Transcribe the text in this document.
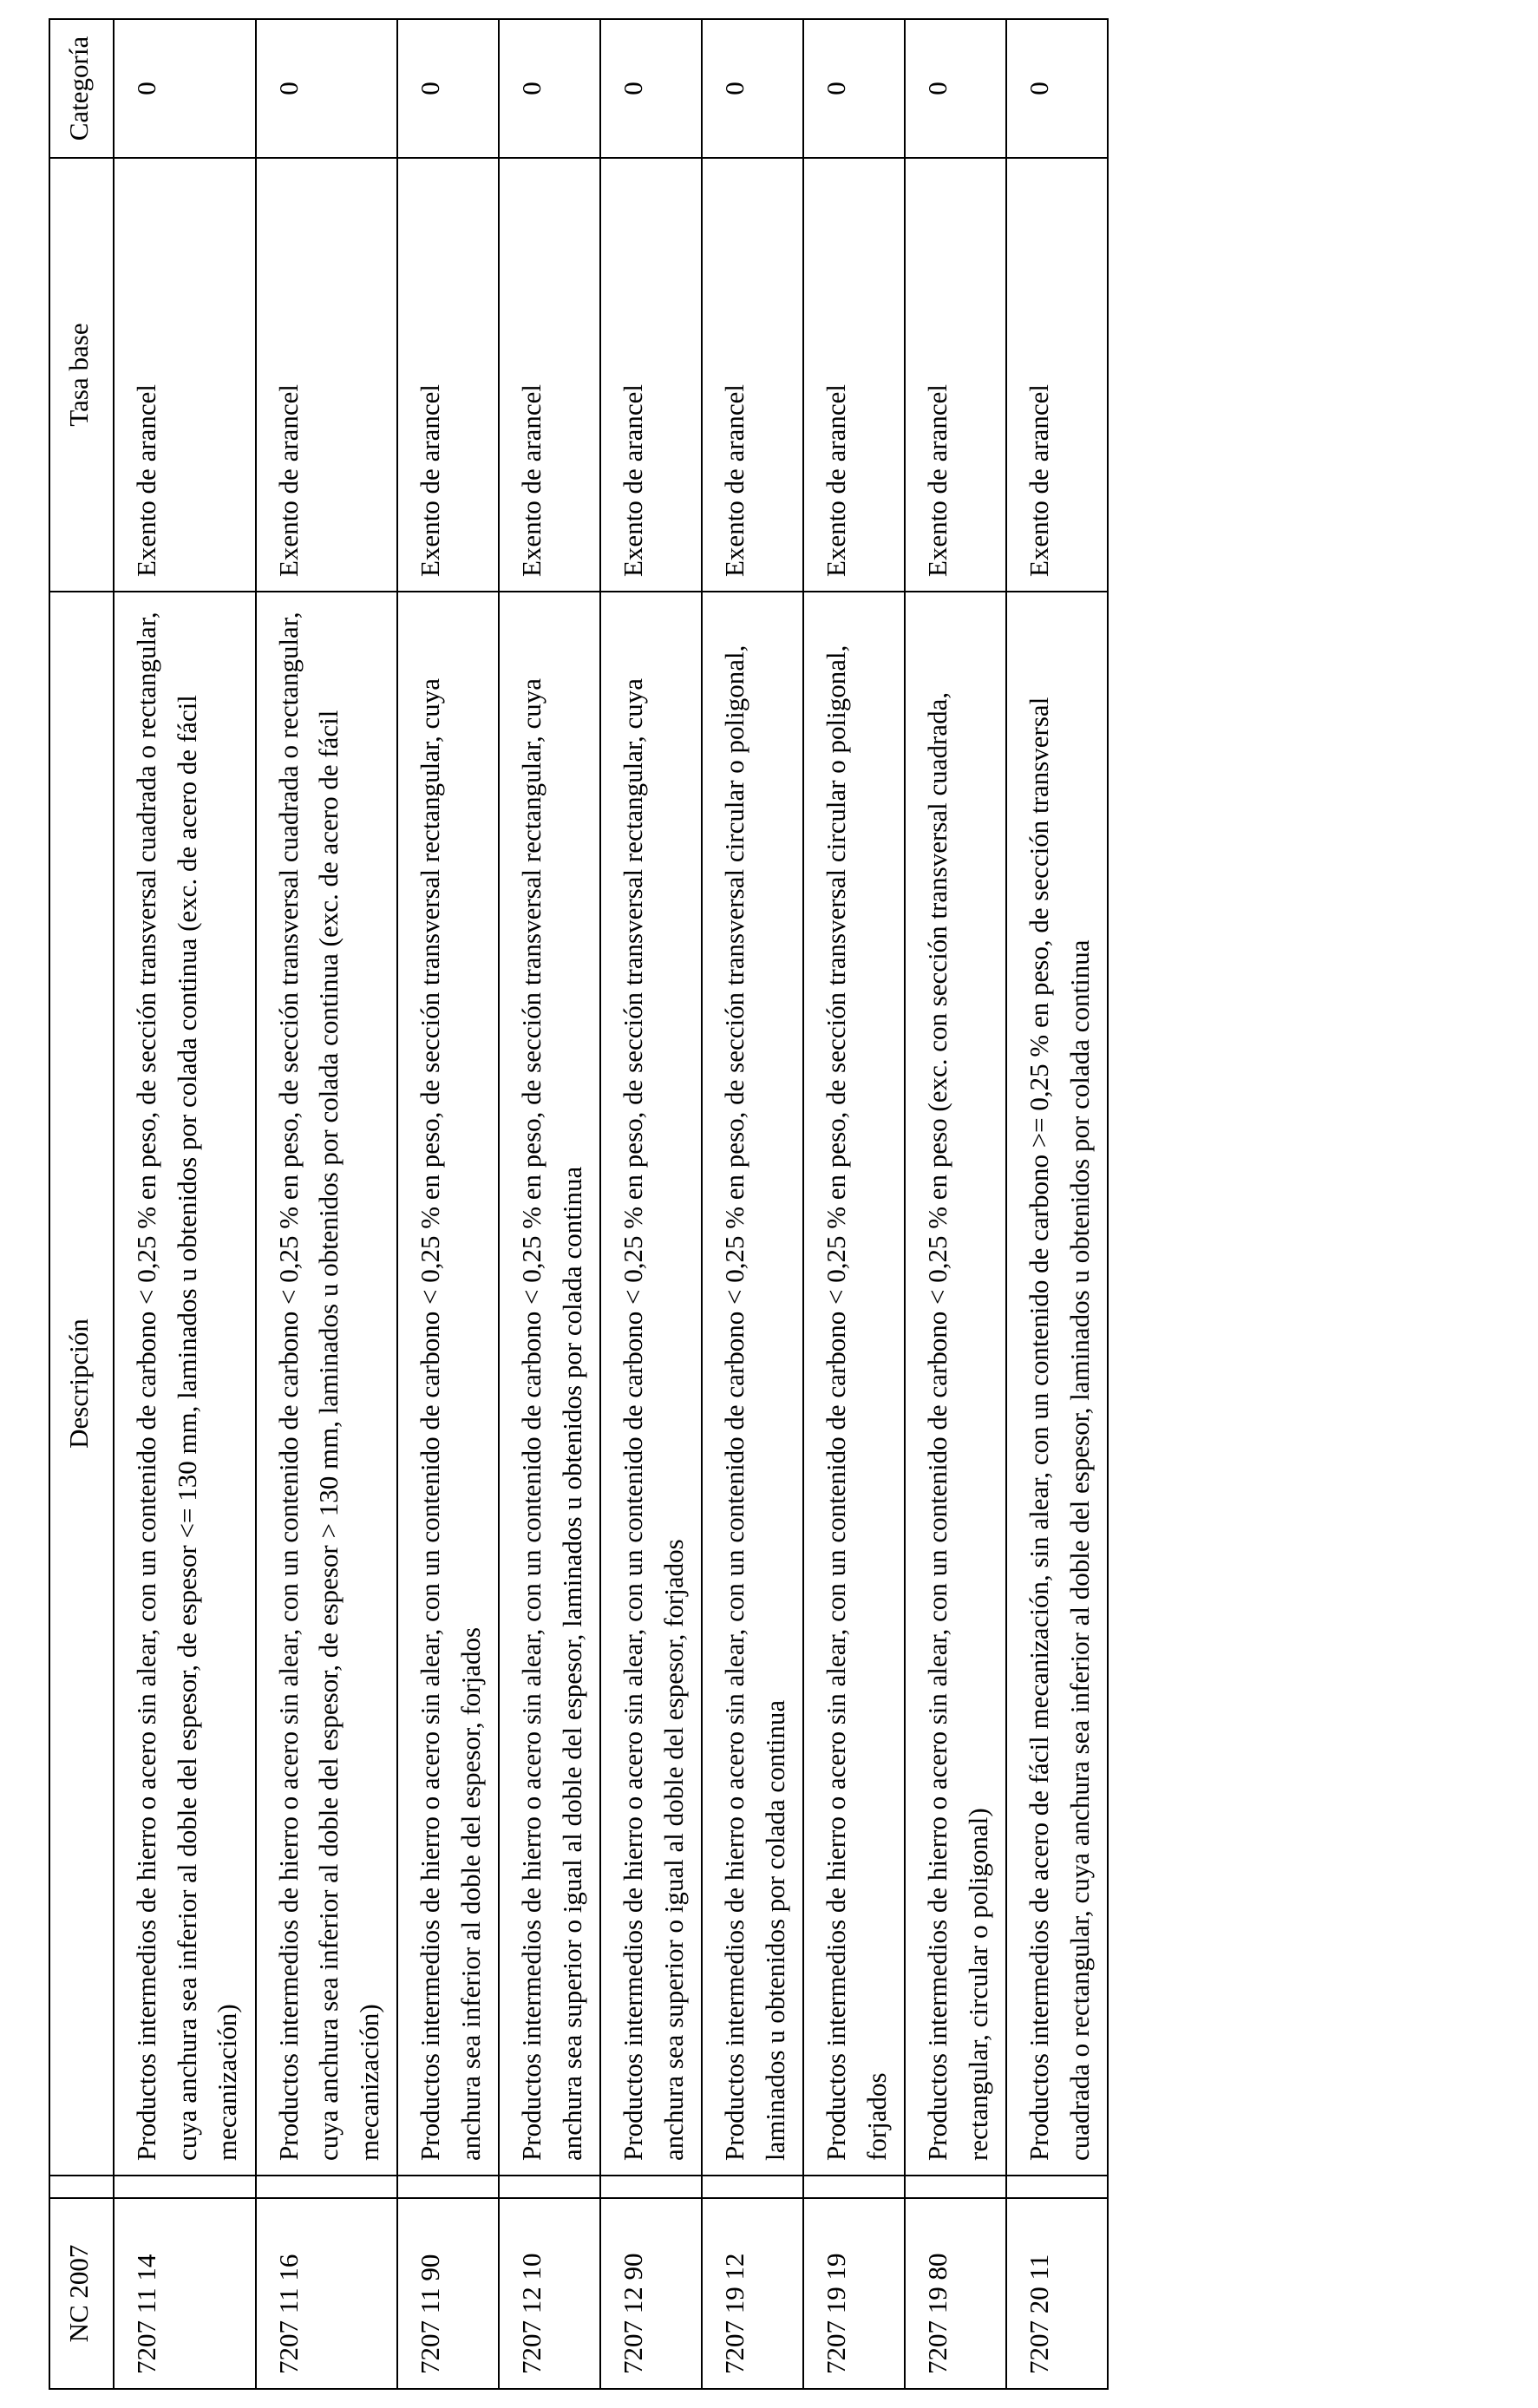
NC 2007		Descripción	Tasa base	Categoría
7207 11 14		Productos intermedios de hierro o acero sin alear, con un contenido de carbono < 0,25 % en peso, de sección transversal cuadrada o rectangular, cuya anchura sea inferior al doble del espesor, de espesor <= 130 mm, laminados u obtenidos por colada continua (exc. de acero de fácil mecanización)	Exento de arancel	0
7207 11 16		Productos intermedios de hierro o acero sin alear, con un contenido de carbono < 0,25 % en peso, de sección transversal cuadrada o rectangular, cuya anchura sea inferior al doble del espesor, de espesor > 130 mm, laminados u obtenidos por colada continua (exc. de acero de fácil mecanización)	Exento de arancel	0
7207 11 90		Productos intermedios de hierro o acero sin alear, con un contenido de carbono < 0,25 % en peso, de sección transversal rectangular, cuya anchura sea inferior al doble del espesor, forjados	Exento de arancel	0
7207 12 10		Productos intermedios de hierro o acero sin alear, con un contenido de carbono < 0,25 % en peso, de sección transversal rectangular, cuya anchura sea superior o igual al doble del espesor, laminados u obtenidos por colada continua	Exento de arancel	0
7207 12 90		Productos intermedios de hierro o acero sin alear, con un contenido de carbono < 0,25 % en peso, de sección transversal rectangular, cuya anchura sea superior o igual al doble del espesor, forjados	Exento de arancel	0
7207 19 12		Productos intermedios de hierro o acero sin alear, con un contenido de carbono < 0,25 % en peso, de sección transversal circular o poligonal, laminados u obtenidos por colada continua	Exento de arancel	0
7207 19 19		Productos intermedios de hierro o acero sin alear, con un contenido de carbono < 0,25 % en peso, de sección transversal circular o poligonal, forjados	Exento de arancel	0
7207 19 80		Productos intermedios de hierro o acero sin alear, con un contenido de carbono < 0,25 % en peso (exc. con sección transversal cuadrada, rectangular, circular o poligonal)	Exento de arancel	0
7207 20 11		Productos intermedios de acero de fácil mecanización, sin alear, con un contenido de carbono >= 0,25 % en peso, de sección transversal cuadrada o rectangular, cuya anchura sea inferior al doble del espesor, laminados u obtenidos por colada continua	Exento de arancel	0
